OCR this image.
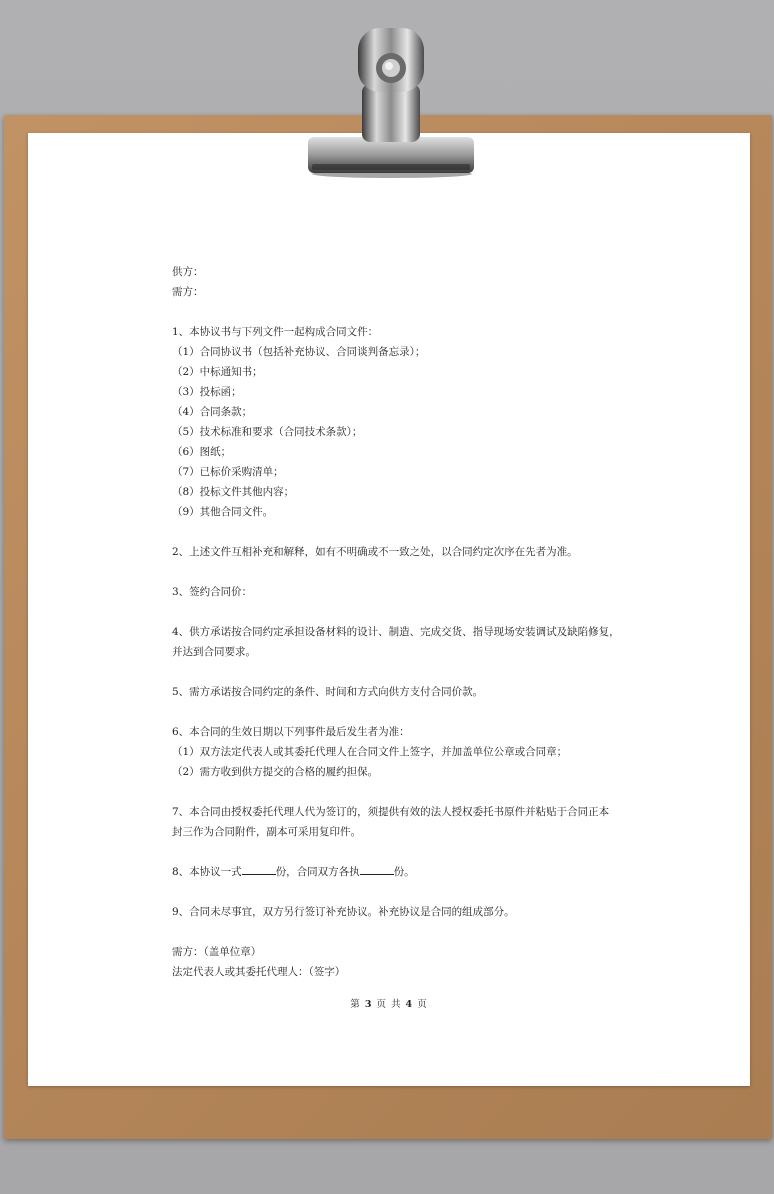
供方：
需方：
1、本协议书与下列文件一起构成合同文件：
（1）合同协议书（包括补充协议、合同谈判备忘录）；
（2）中标通知书；
（3）投标函；
（4）合同条款；
（5）技术标准和要求（合同技术条款）；
（6）图纸；
（7）已标价采购清单；
（8）投标文件其他内容；
（9）其他合同文件。
2、上述文件互相补充和解释，如有不明确或不一致之处，以合同约定次序在先者为准。
3、签约合同价：
4、供方承诺按合同约定承担设备材料的设计、制造、完成交货、指导现场安装调试及缺陷修复，
并达到合同要求。
5、需方承诺按合同约定的条件、时间和方式向供方支付合同价款。
6、本合同的生效日期以下列事件最后发生者为准：
（1）双方法定代表人或其委托代理人在合同文件上签字，并加盖单位公章或合同章；
（2）需方收到供方提交的合格的履约担保。
7、本合同由授权委托代理人代为签订的，须提供有效的法人授权委托书原件并粘贴于合同正本
封三作为合同附件，副本可采用复印件。
8、本协议一式	份，合同双方各执	份。
9、合同未尽事宜，双方另行签订补充协议。补充协议是合同的组成部分。
需方：（盖单位章）
法定代表人或其委托代理人：（签字）
第 3 页 共 4 页
